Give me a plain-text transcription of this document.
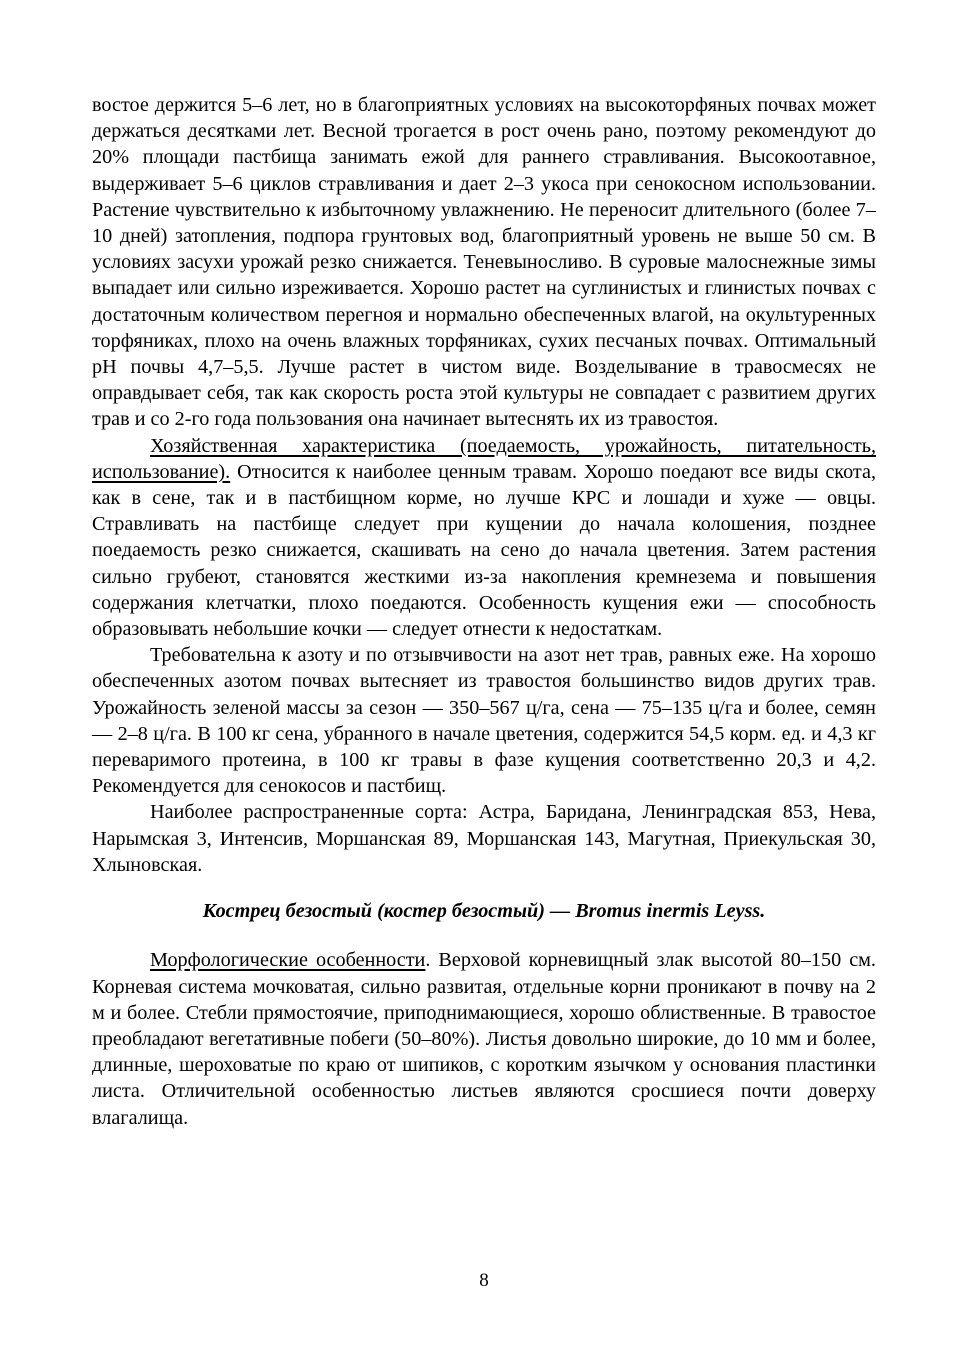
востое держится 5–6 лет, но в благоприятных условиях на высокоторфяных почвах может держаться десятками лет. Весной трогается в рост очень рано, поэтому рекомендуют до 20% площади пастбища занимать ежой для раннего стравливания. Высокоотавное, выдерживает 5–6 циклов стравливания и дает 2–3 укоса при сенокосном использовании. Растение чувствительно к избыточному увлажнению. Не переносит длительного (более 7–10 дней) затопления, подпора грунтовых вод, благоприятный уровень не выше 50 см. В условиях засухи урожай резко снижается. Теневыносливо. В суровые малоснежные зимы выпадает или сильно изреживается. Хорошо растет на суглинистых и глинистых почвах с достаточным количеством перегноя и нормально обеспеченных влагой, на окультуренных торфяниках, плохо на очень влажных торфяниках, сухих песчаных почвах. Оптимальный pH почвы 4,7–5,5. Лучше растет в чистом виде. Возделывание в травосмесях не оправдывает себя, так как скорость роста этой культуры не совпадает с развитием других трав и со 2-го года пользования она начинает вытеснять их из травостоя.

Хозяйственная характеристика (поедаемость, урожайность, питательность, использование). Относится к наиболее ценным травам. Хорошо поедают все виды скота, как в сене, так и в пастбищном корме, но лучше КРС и лошади и хуже — овцы. Стравливать на пастбище следует при кущении до начала колошения, позднее поедаемость резко снижается, скашивать на сено до начала цветения. Затем растения сильно грубеют, становятся жесткими из-за накопления кремнезема и повышения содержания клетчатки, плохо поедаются. Особенность кущения ежи — способность образовывать небольшие кочки — следует отнести к недостаткам.

Требовательна к азоту и по отзывчивости на азот нет трав, равных еже. На хорошо обеспеченных азотом почвах вытесняет из травостоя большинство видов других трав. Урожайность зеленой массы за сезон — 350–567 ц/га, сена — 75–135 ц/га и более, семян — 2–8 ц/га. В 100 кг сена, убранного в начале цветения, содержится 54,5 корм. ед. и 4,3 кг переваримого протеина, в 100 кг травы в фазе кущения соответственно 20,3 и 4,2. Рекомендуется для сенокосов и пастбищ.

Наиболее распространенные сорта: Астра, Баридана, Ленинградская 853, Нева, Нарымская 3, Интенсив, Моршанская 89, Моршанская 143, Магутная, Приекульская 30, Хлыновская.

Кострец безостый (костер безостый) — Bromus inermis Leyss.

Морфологические особенности. Верховой корневищный злак высотой 80–150 см. Корневая система мочковатая, сильно развитая, отдельные корни проникают в почву на 2 м и более. Стебли прямостоячие, приподнимающиеся, хорошо облиственные. В травостое преобладают вегетативные побеги (50–80%). Листья довольно широкие, до 10 мм и более, длинные, шероховатые по краю от шипиков, с коротким язычком у основания пластинки листа. Отличительной особенностью листьев являются сросшиеся почти доверху влагалища.

8
